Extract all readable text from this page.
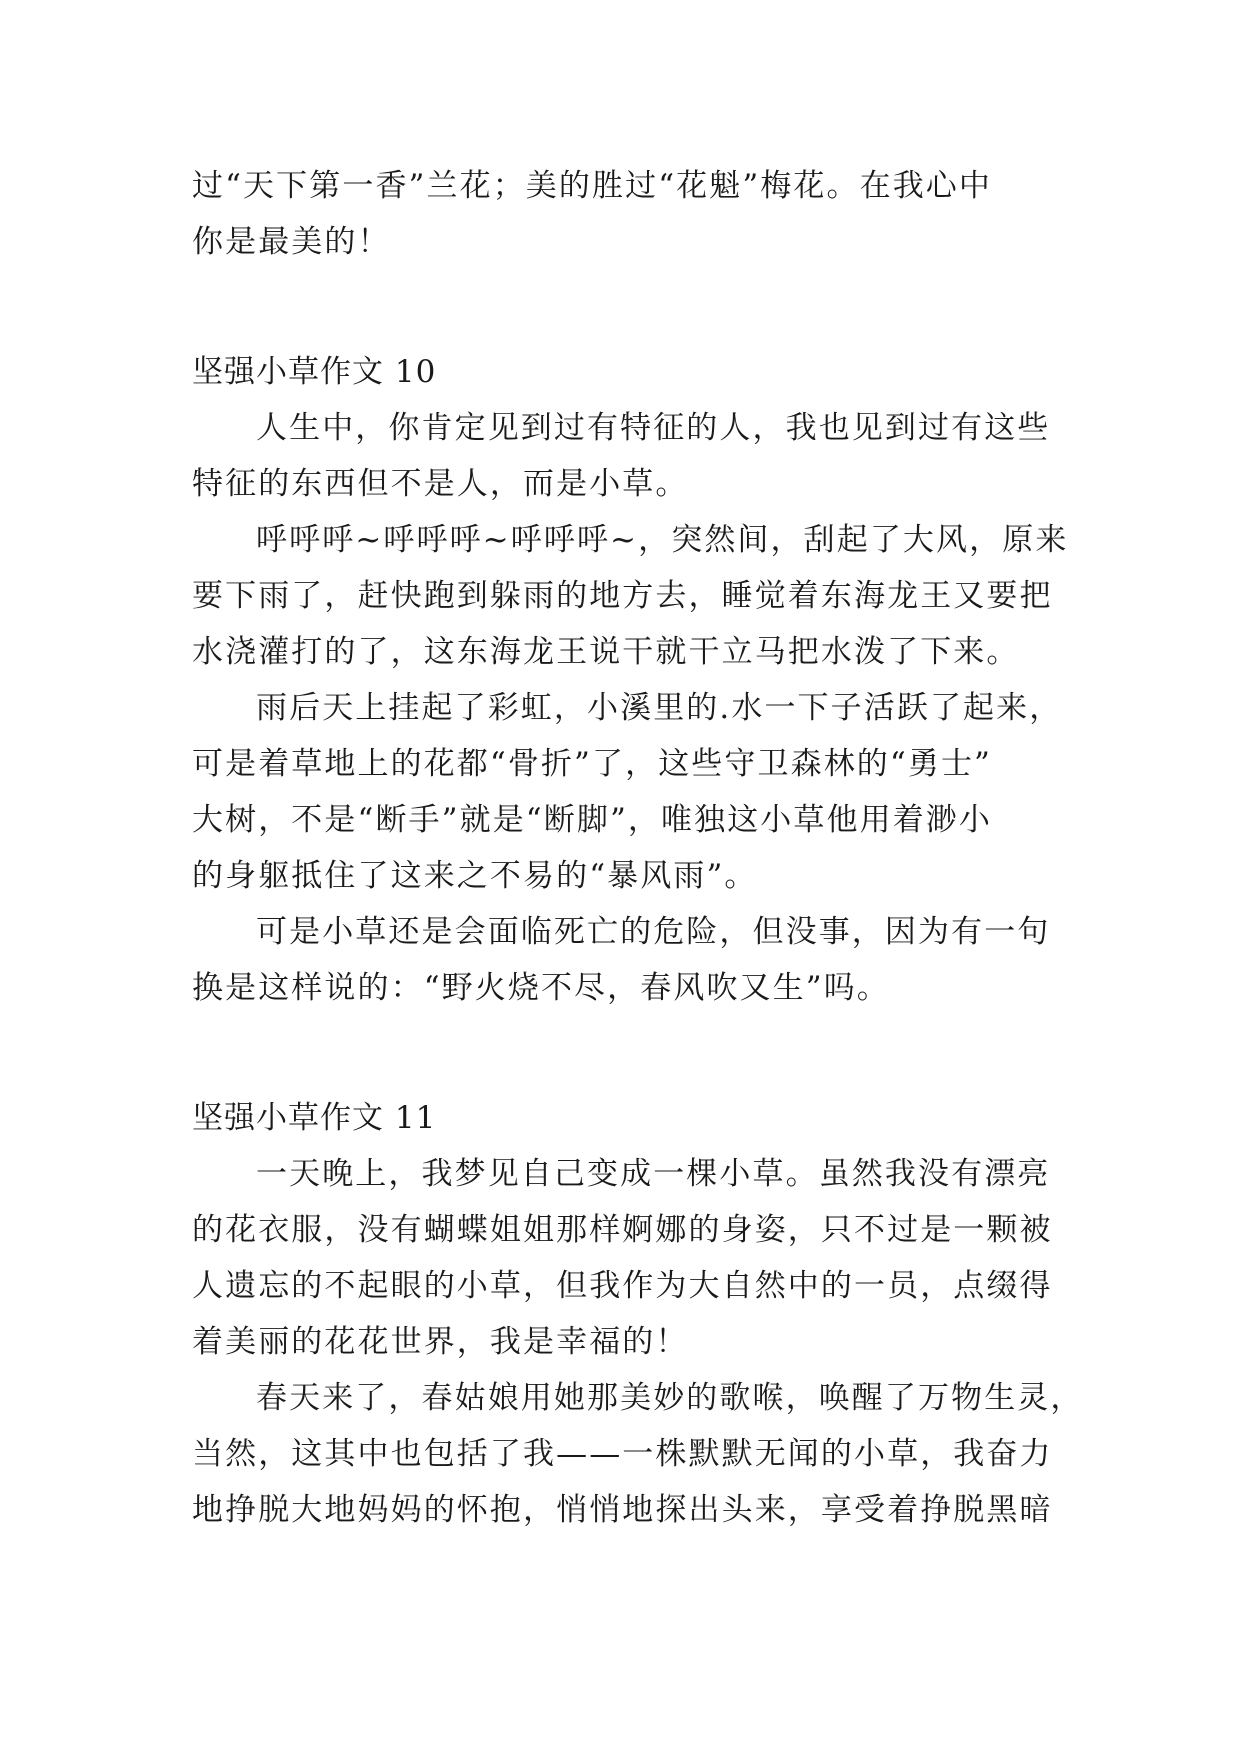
过“天下第一香”兰花；美的胜过“花魁”梅花。在我心中
你是最美的！
坚强小草作文 10
人生中，你肯定见到过有特征的人，我也见到过有这些
特征的东西但不是人，而是小草。
呼呼呼~呼呼呼~呼呼呼~，突然间，刮起了大风，原来
要下雨了，赶快跑到躲雨的地方去，睡觉着东海龙王又要把
水浇灌打的了，这东海龙王说干就干立马把水泼了下来。
雨后天上挂起了彩虹，小溪里的.水一下子活跃了起来，
可是着草地上的花都“骨折”了，这些守卫森林的“勇士”
大树，不是“断手”就是“断脚”，唯独这小草他用着渺小
的身躯抵住了这来之不易的“暴风雨”。
可是小草还是会面临死亡的危险，但没事，因为有一句
换是这样说的：“野火烧不尽，春风吹又生”吗。
坚强小草作文 11
一天晚上，我梦见自己变成一棵小草。虽然我没有漂亮
的花衣服，没有蝴蝶姐姐那样婀娜的身姿，只不过是一颗被
人遗忘的不起眼的小草，但我作为大自然中的一员，点缀得
着美丽的花花世界，我是幸福的！
春天来了，春姑娘用她那美妙的歌喉，唤醒了万物生灵，
当然，这其中也包括了我——一株默默无闻的小草，我奋力
地挣脱大地妈妈的怀抱，悄悄地探出头来，享受着挣脱黑暗
